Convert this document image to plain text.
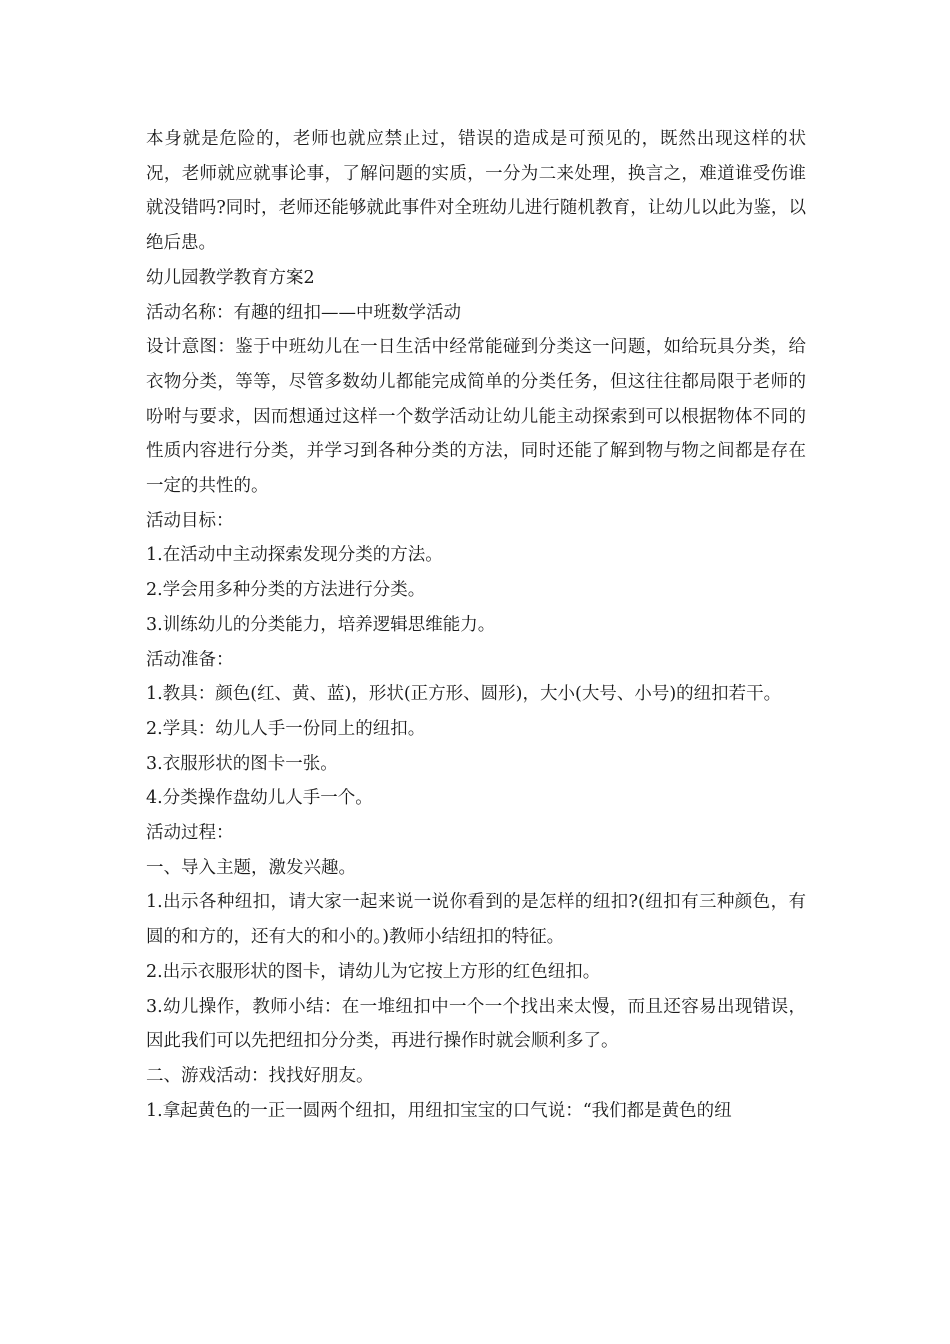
本身就是危险的，老师也就应禁止过，错误的造成是可预见的，既然出现这样的状况，老师就应就事论事，了解问题的实质，一分为二来处理，换言之，难道谁受伤谁就没错吗?同时，老师还能够就此事件对全班幼儿进行随机教育，让幼儿以此为鉴，以绝后患。

幼儿园教学教育方案2

活动名称：有趣的纽扣——中班数学活动

设计意图：鉴于中班幼儿在一日生活中经常能碰到分类这一问题，如给玩具分类，给衣物分类，等等，尽管多数幼儿都能完成简单的分类任务，但这往往都局限于老师的吩咐与要求，因而想通过这样一个数学活动让幼儿能主动探索到可以根据物体不同的性质内容进行分类，并学习到各种分类的方法，同时还能了解到物与物之间都是存在一定的共性的。

活动目标：

1.在活动中主动探索发现分类的方法。

2.学会用多种分类的方法进行分类。

3.训练幼儿的分类能力，培养逻辑思维能力。

活动准备：

1.教具：颜色(红、黄、蓝)，形状(正方形、圆形)，大小(大号、小号)的纽扣若干。

2.学具：幼儿人手一份同上的纽扣。

3.衣服形状的图卡一张。

4.分类操作盘幼儿人手一个。

活动过程：

一、导入主题，激发兴趣。

1.出示各种纽扣，请大家一起来说一说你看到的是怎样的纽扣?(纽扣有三种颜色，有圆的和方的，还有大的和小的。)教师小结纽扣的特征。

2.出示衣服形状的图卡，请幼儿为它按上方形的红色纽扣。

3.幼儿操作，教师小结：在一堆纽扣中一个一个找出来太慢，而且还容易出现错误，因此我们可以先把纽扣分分类，再进行操作时就会顺利多了。

二、游戏活动：找找好朋友。

1.拿起黄色的一正一圆两个纽扣，用纽扣宝宝的口气说：“我们都是黄色的纽
